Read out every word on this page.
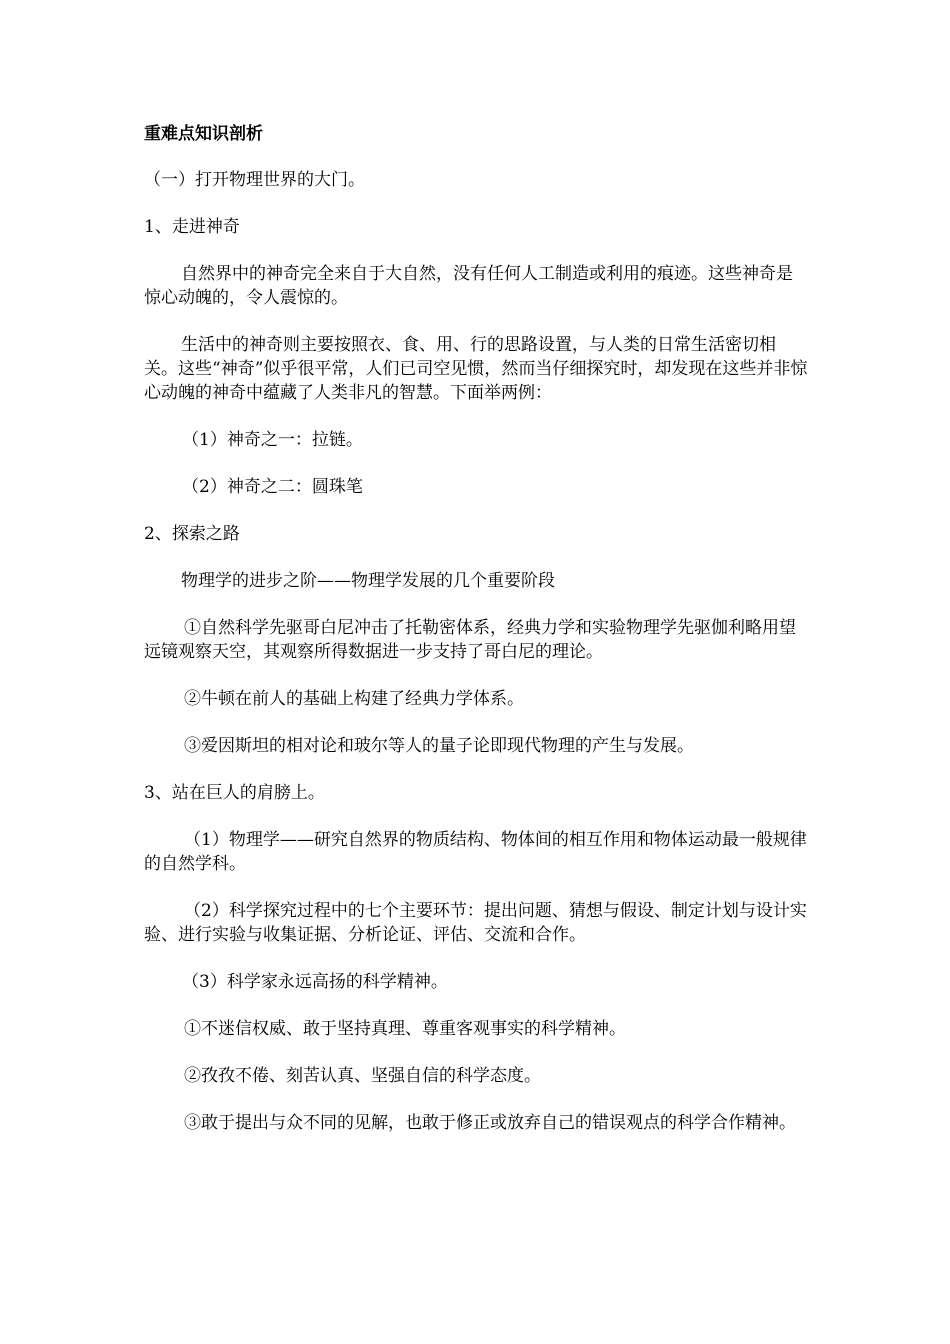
重难点知识剖析

（一）打开物理世界的大门。

1、走进神奇

自然界中的神奇完全来自于大自然，没有任何人工制造或利用的痕迹。这些神奇是惊心动魄的，令人震惊的。

生活中的神奇则主要按照衣、食、用、行的思路设置，与人类的日常生活密切相关。这些“神奇”似乎很平常，人们已司空见惯，然而当仔细探究时，却发现在这些并非惊心动魄的神奇中蕴藏了人类非凡的智慧。下面举两例：

（1）神奇之一：拉链。

（2）神奇之二：圆珠笔

2、探索之路

物理学的进步之阶——物理学发展的几个重要阶段

①自然科学先驱哥白尼冲击了托勒密体系，经典力学和实验物理学先驱伽利略用望远镜观察天空，其观察所得数据进一步支持了哥白尼的理论。

②牛顿在前人的基础上构建了经典力学体系。

③爱因斯坦的相对论和玻尔等人的量子论即现代物理的产生与发展。

3、站在巨人的肩膀上。

（1）物理学——研究自然界的物质结构、物体间的相互作用和物体运动最一般规律的自然学科。

（2）科学探究过程中的七个主要环节：提出问题、猜想与假设、制定计划与设计实验、进行实验与收集证据、分析论证、评估、交流和合作。

（3）科学家永远高扬的科学精神。

①不迷信权威、敢于坚持真理、尊重客观事实的科学精神。

②孜孜不倦、刻苦认真、坚强自信的科学态度。

③敢于提出与众不同的见解，也敢于修正或放弃自己的错误观点的科学合作精神。
